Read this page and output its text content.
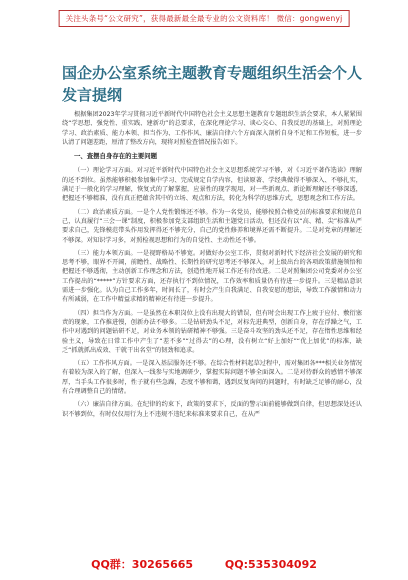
关注头条号“公文研究”，获得最新最全最专业的公文资料库！ 微信：gongwenyj
国企办公室系统主题教育专题组织生活会个人发言提纲

根据集团2023年学习贯彻习近平新时代中国特色社会主义思想主题教育专题组织生活会要求，本人紧紧围绕“学思想、强党性、重实践、建新功”的总要求，在深化理论学习、谈心交心、自我反思的基础上，对照理论学习、政治素质、能力本领、担当作为、工作作风、廉洁自律六个方面深入剖析自身不足和工作短板，进一步认清了问题差距，厘清了整改方向，现将对照检查情况报告如下。

一、查摆自身存在的主要问题

（一）理论学习方面。对习近平新时代中国特色社会主义思想系统学习不够，对《习近平著作选读》理解的还不到位。虽然能够积极参加集中学习、完成规定自学内容，但读原著、学经典做得不够深入、不够扎实，满足于一般化的学习理解，恢复式的了解掌握，应景性的现学现用，对一些新观点、新论断理解还不够深透，把握还不够精准，没有真正把蕴含其中的立场、观点和方法，转化为科学的思维方式，思想观念和工作方法。

（二）政治素质方面。一是个人党性锻炼还不够。作为一名党员，能够按照合格党员的标准要求和规范自己，认真履行“三会一课”制度，积极参加党支部组织生活和主题党日活动，但还没有以“高、精、尖”标准从严要求自己，先锋模范带头作用发挥得还不够充分，自己的党性修养和境界还需不断提升。二是对党章的理解还不够深。对知识学习多，对照检视思想和行为的自觉性、主动性还不够。

（三）能力本领方面。一是视野格局不够宽。对做好办公室工作，贯彻对新时代下经济社会发展的研究和思考不够，眼界不开阔，前瞻性、战略性、长期性的研究思考还不够深入，对上级出台的各项政策措施领悟和把握还不够透彻，主动创新工作理念和方法，创造性地开展工作还有待改进。二是对照集团公司党委对办公室工作提出的“*****”方针要求方面，还存执行不到位情况，工作效率和质量仍有待进一步提升。三是精品意识需进一步强化。认为自己工作多年，时间长了，有时会产生自我满足、自我安慰的想法，导致工作激情和动力有所减弱，在工作中精益求精的精神还有待进一步提升。

（四）担当作为方面。一是虽然在本职岗位上没有出现大的错误，但有时会出现工作上疲于应付、敷衍塞责的现象，工作推进慢，创新办法不够多。二是钻研劲头不足，对标先进典型，创新自身，存在浮躁之气，工作中对遇到的问题钻研不足，对业务本领的钻研精神不够强。三是奋斗攻坚的劲头还不足，存在惰性思维和经验主义，导致在日常工作中产生了“差不多”“过得去”的心理，没有树立“好上加好”“优上加优”的标准，缺乏“抓就抓出成效、干就干出名堂”的韧劲和追求。

（五）工作作风方面。一是深入基层服务还不够。在综合性材料起草过程中，需对集团各***相关业务情况有着较为深入的了解，但深入一线参与实地调研少，掌握实际问题不够全面深入。二是对待群众的感情不够深厚，当手头工作很多时，性子就有些急躁，态度不够和蔼，遇到反复询问的问题时，有时缺乏足够的耐心，没有合理调整自己的情绪。

（六）廉洁自律方面。在纪律的约束下，政策的要求下，反面的警示面前能够做到自律，但思想深处还认识不够到位，有时仅仅用行为上不违规不违纪来标准来要求自己，在从严

QQ群：30265665	QQ:535304092
